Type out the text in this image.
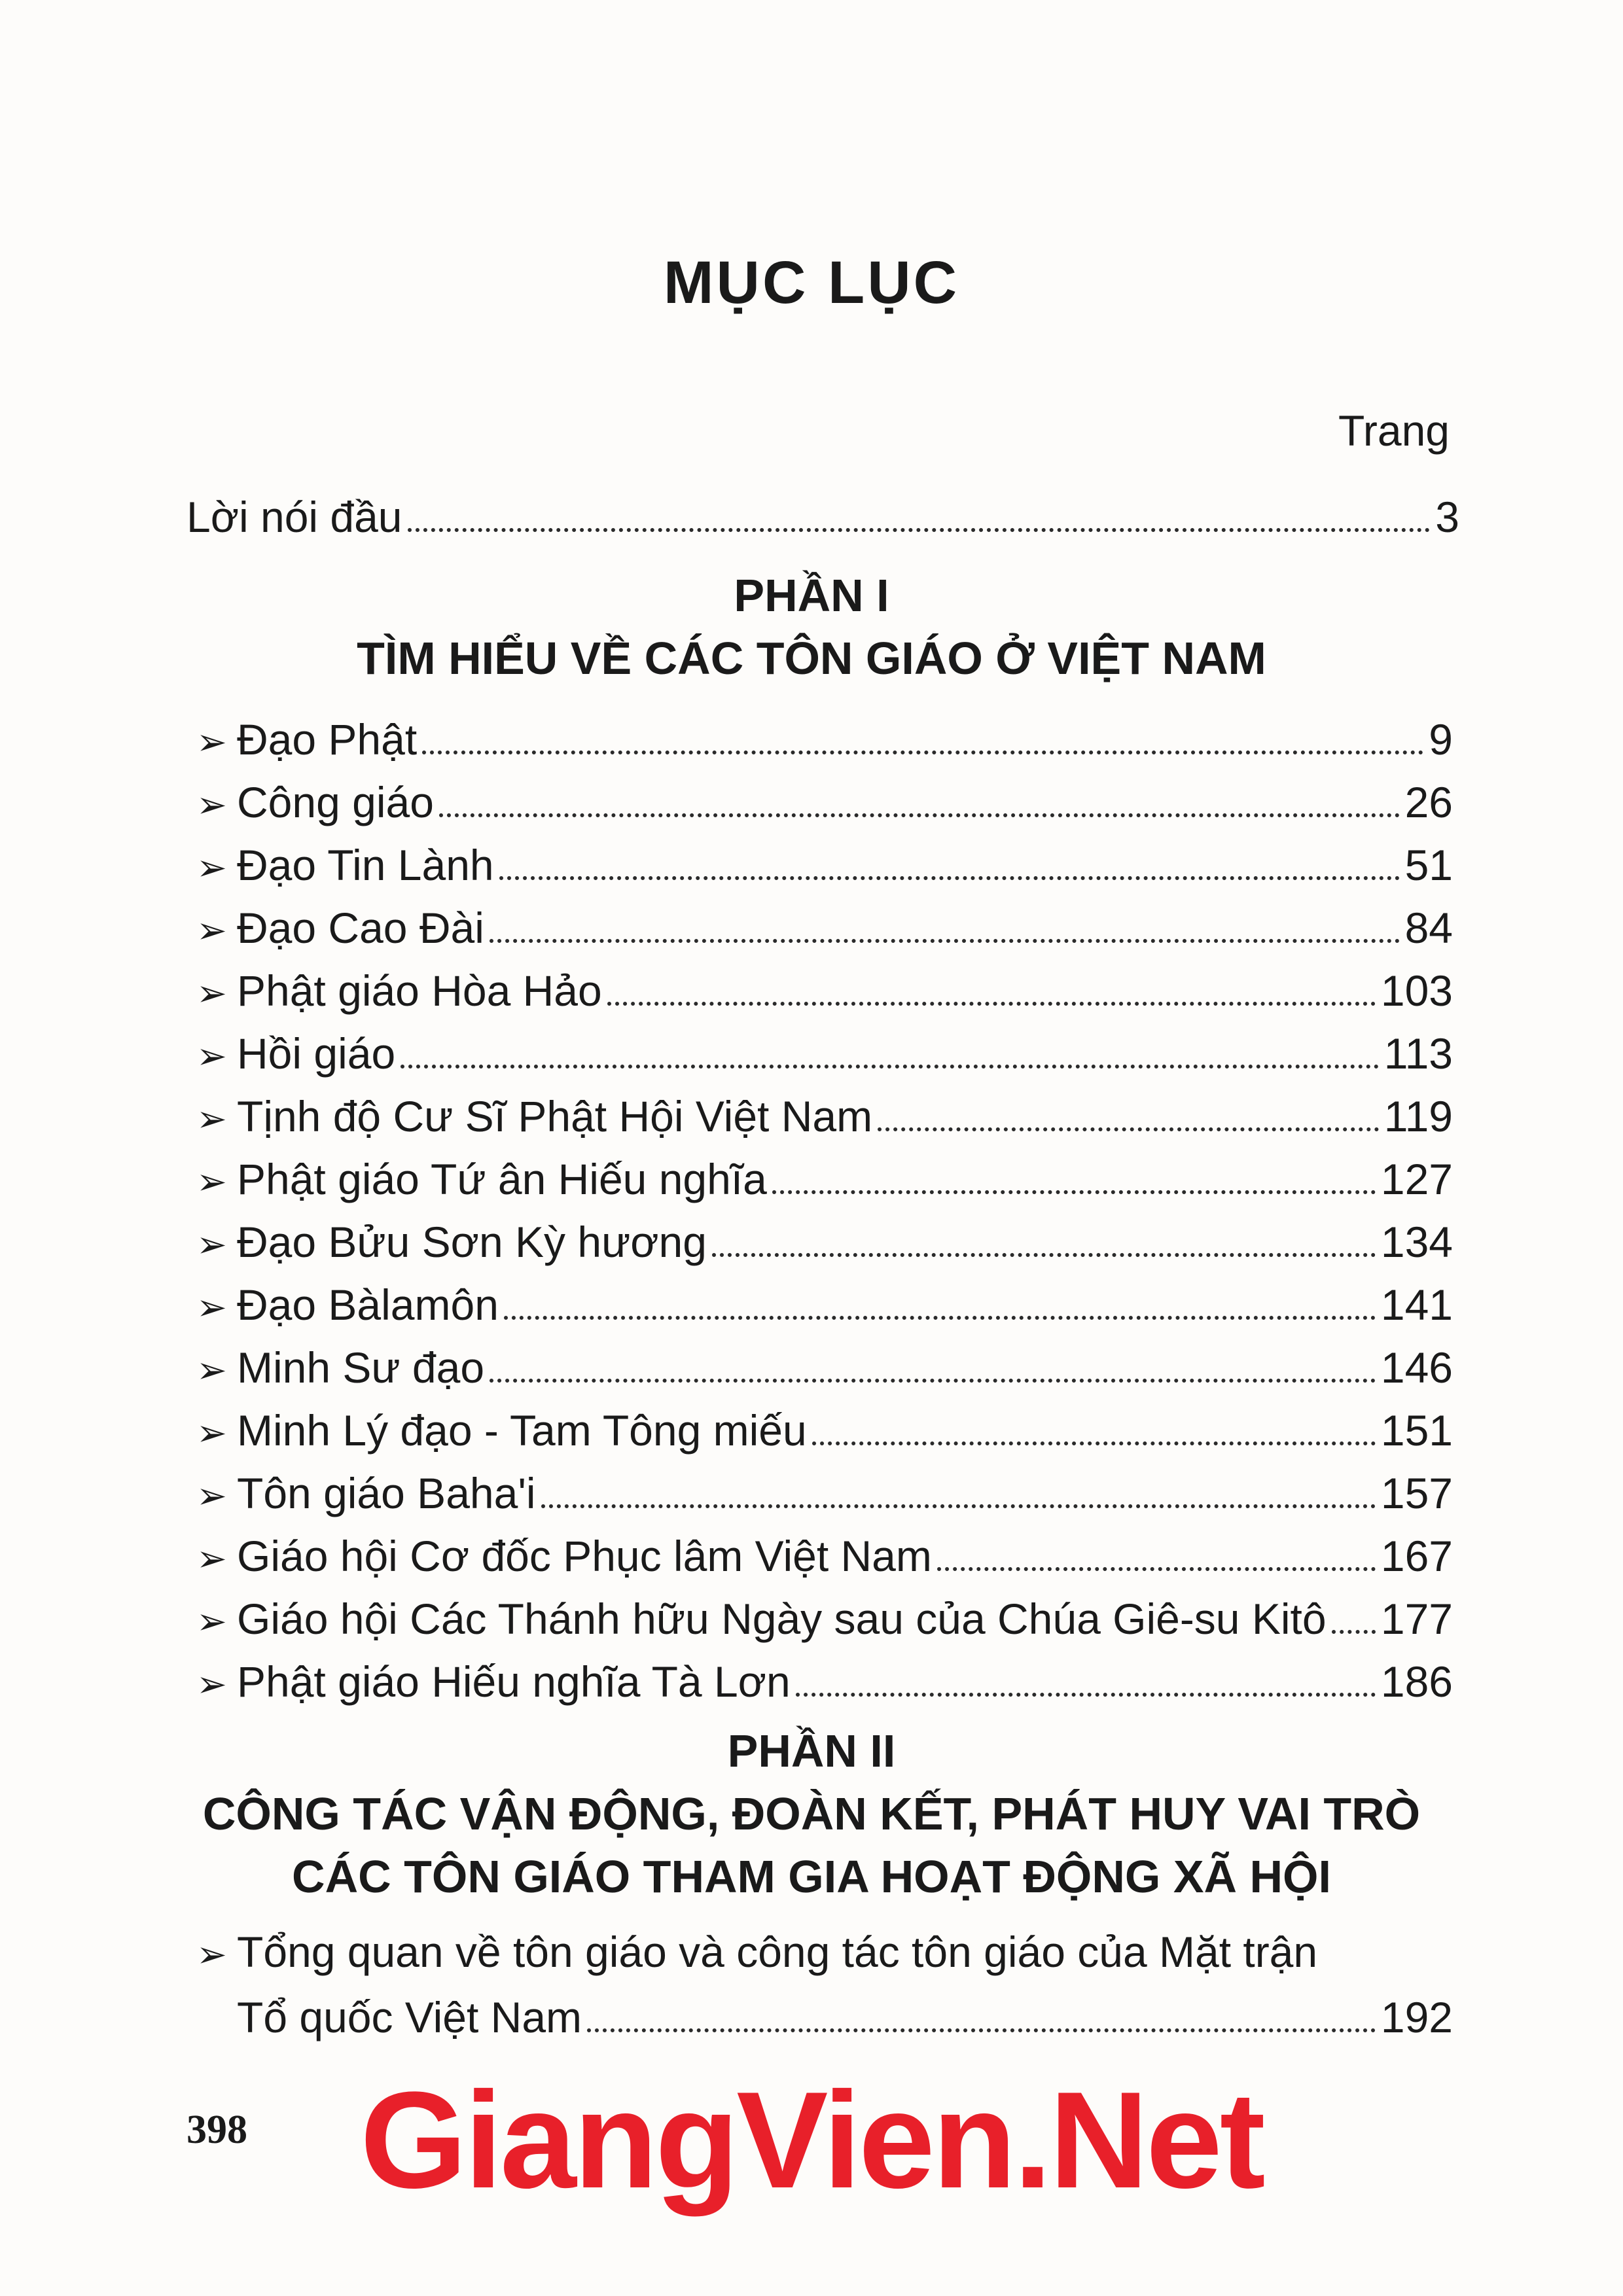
MỤC LỤC
Trang
Lời nói đầu	3
PHẦN I
TÌM HIỂU VỀ CÁC TÔN GIÁO Ở VIỆT NAM
➢ Đạo Phật	9
➢ Công giáo	26
➢ Đạo Tin Lành	51
➢ Đạo Cao Đài	84
➢ Phật giáo Hòa Hảo	103
➢ Hồi giáo	113
➢ Tịnh độ Cư Sĩ Phật Hội Việt Nam	119
➢ Phật giáo Tứ ân Hiếu nghĩa	127
➢ Đạo Bửu Sơn Kỳ hương	134
➢ Đạo Bàlamôn	141
➢ Minh Sư đạo	146
➢ Minh Lý đạo - Tam Tông miếu	151
➢ Tôn giáo Baha'i	157
➢ Giáo hội Cơ đốc Phục lâm Việt Nam	167
➢ Giáo hội Các Thánh hữu Ngày sau của Chúa Giê-su Kitô 177
➢ Phật giáo Hiếu nghĩa Tà Lơn	186
PHẦN II
CÔNG TÁC VẬN ĐỘNG, ĐOÀN KẾT, PHÁT HUY VAI TRÒ
CÁC TÔN GIÁO THAM GIA HOẠT ĐỘNG XÃ HỘI
➢ Tổng quan về tôn giáo và công tác tôn giáo của Mặt trận
Tổ quốc Việt Nam	192
398 GiangVien.Net
